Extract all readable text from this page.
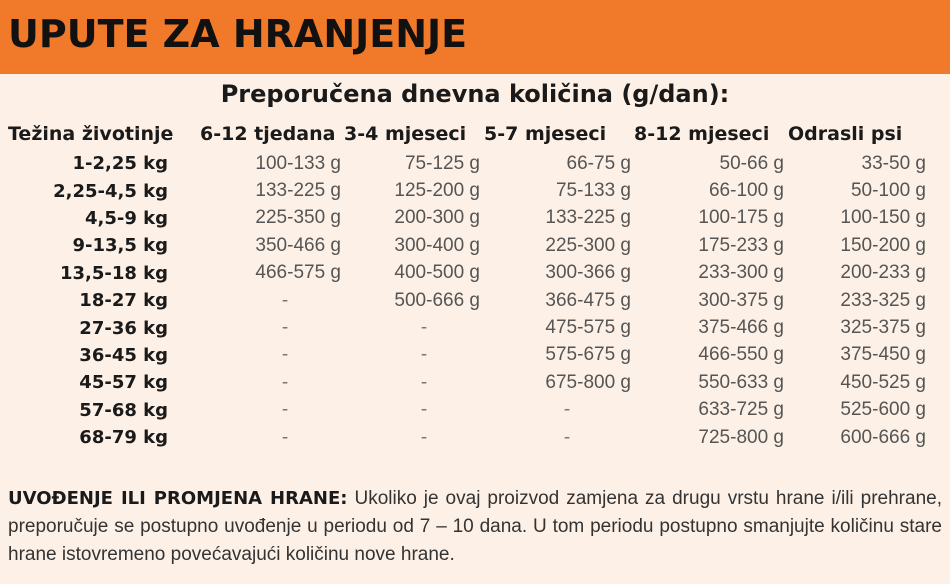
UPUTE ZA HRANJENJE
Preporučena dnevna količina (g/dan):
Težina životinje	6-12 tjedana	3-4 mjeseci	5-7 mjeseci	8-12 mjeseci	Odrasli psi
1-2,25 kg	100-133 g	75-125 g	66-75 g	50-66 g	33-50 g
2,25-4,5 kg	133-225 g	125-200 g	75-133 g	66-100 g	50-100 g
4,5-9 kg	225-350 g	200-300 g	133-225 g	100-175 g	100-150 g
9-13,5 kg	350-466 g	300-400 g	225-300 g	175-233 g	150-200 g
13,5-18 kg	466-575 g	400-500 g	300-366 g	233-300 g	200-233 g
18-27 kg	-	500-666 g	366-475 g	300-375 g	233-325 g
27-36 kg	-	-	475-575 g	375-466 g	325-375 g
36-45 kg	-	-	575-675 g	466-550 g	375-450 g
45-57 kg	-	-	675-800 g	550-633 g	450-525 g
57-68 kg	-	-	-	633-725 g	525-600 g
68-79 kg	-	-	-	725-800 g	600-666 g
UVOĐENJE ILI PROMJENA HRANE: Ukoliko je ovaj proizvod zamjena za drugu vrstu hrane i/ili prehrane, preporučuje se postupno uvođenje u periodu od 7 – 10 dana. U tom periodu postupno smanjujte količinu stare hrane istovremeno povećavajući količinu nove hrane.
